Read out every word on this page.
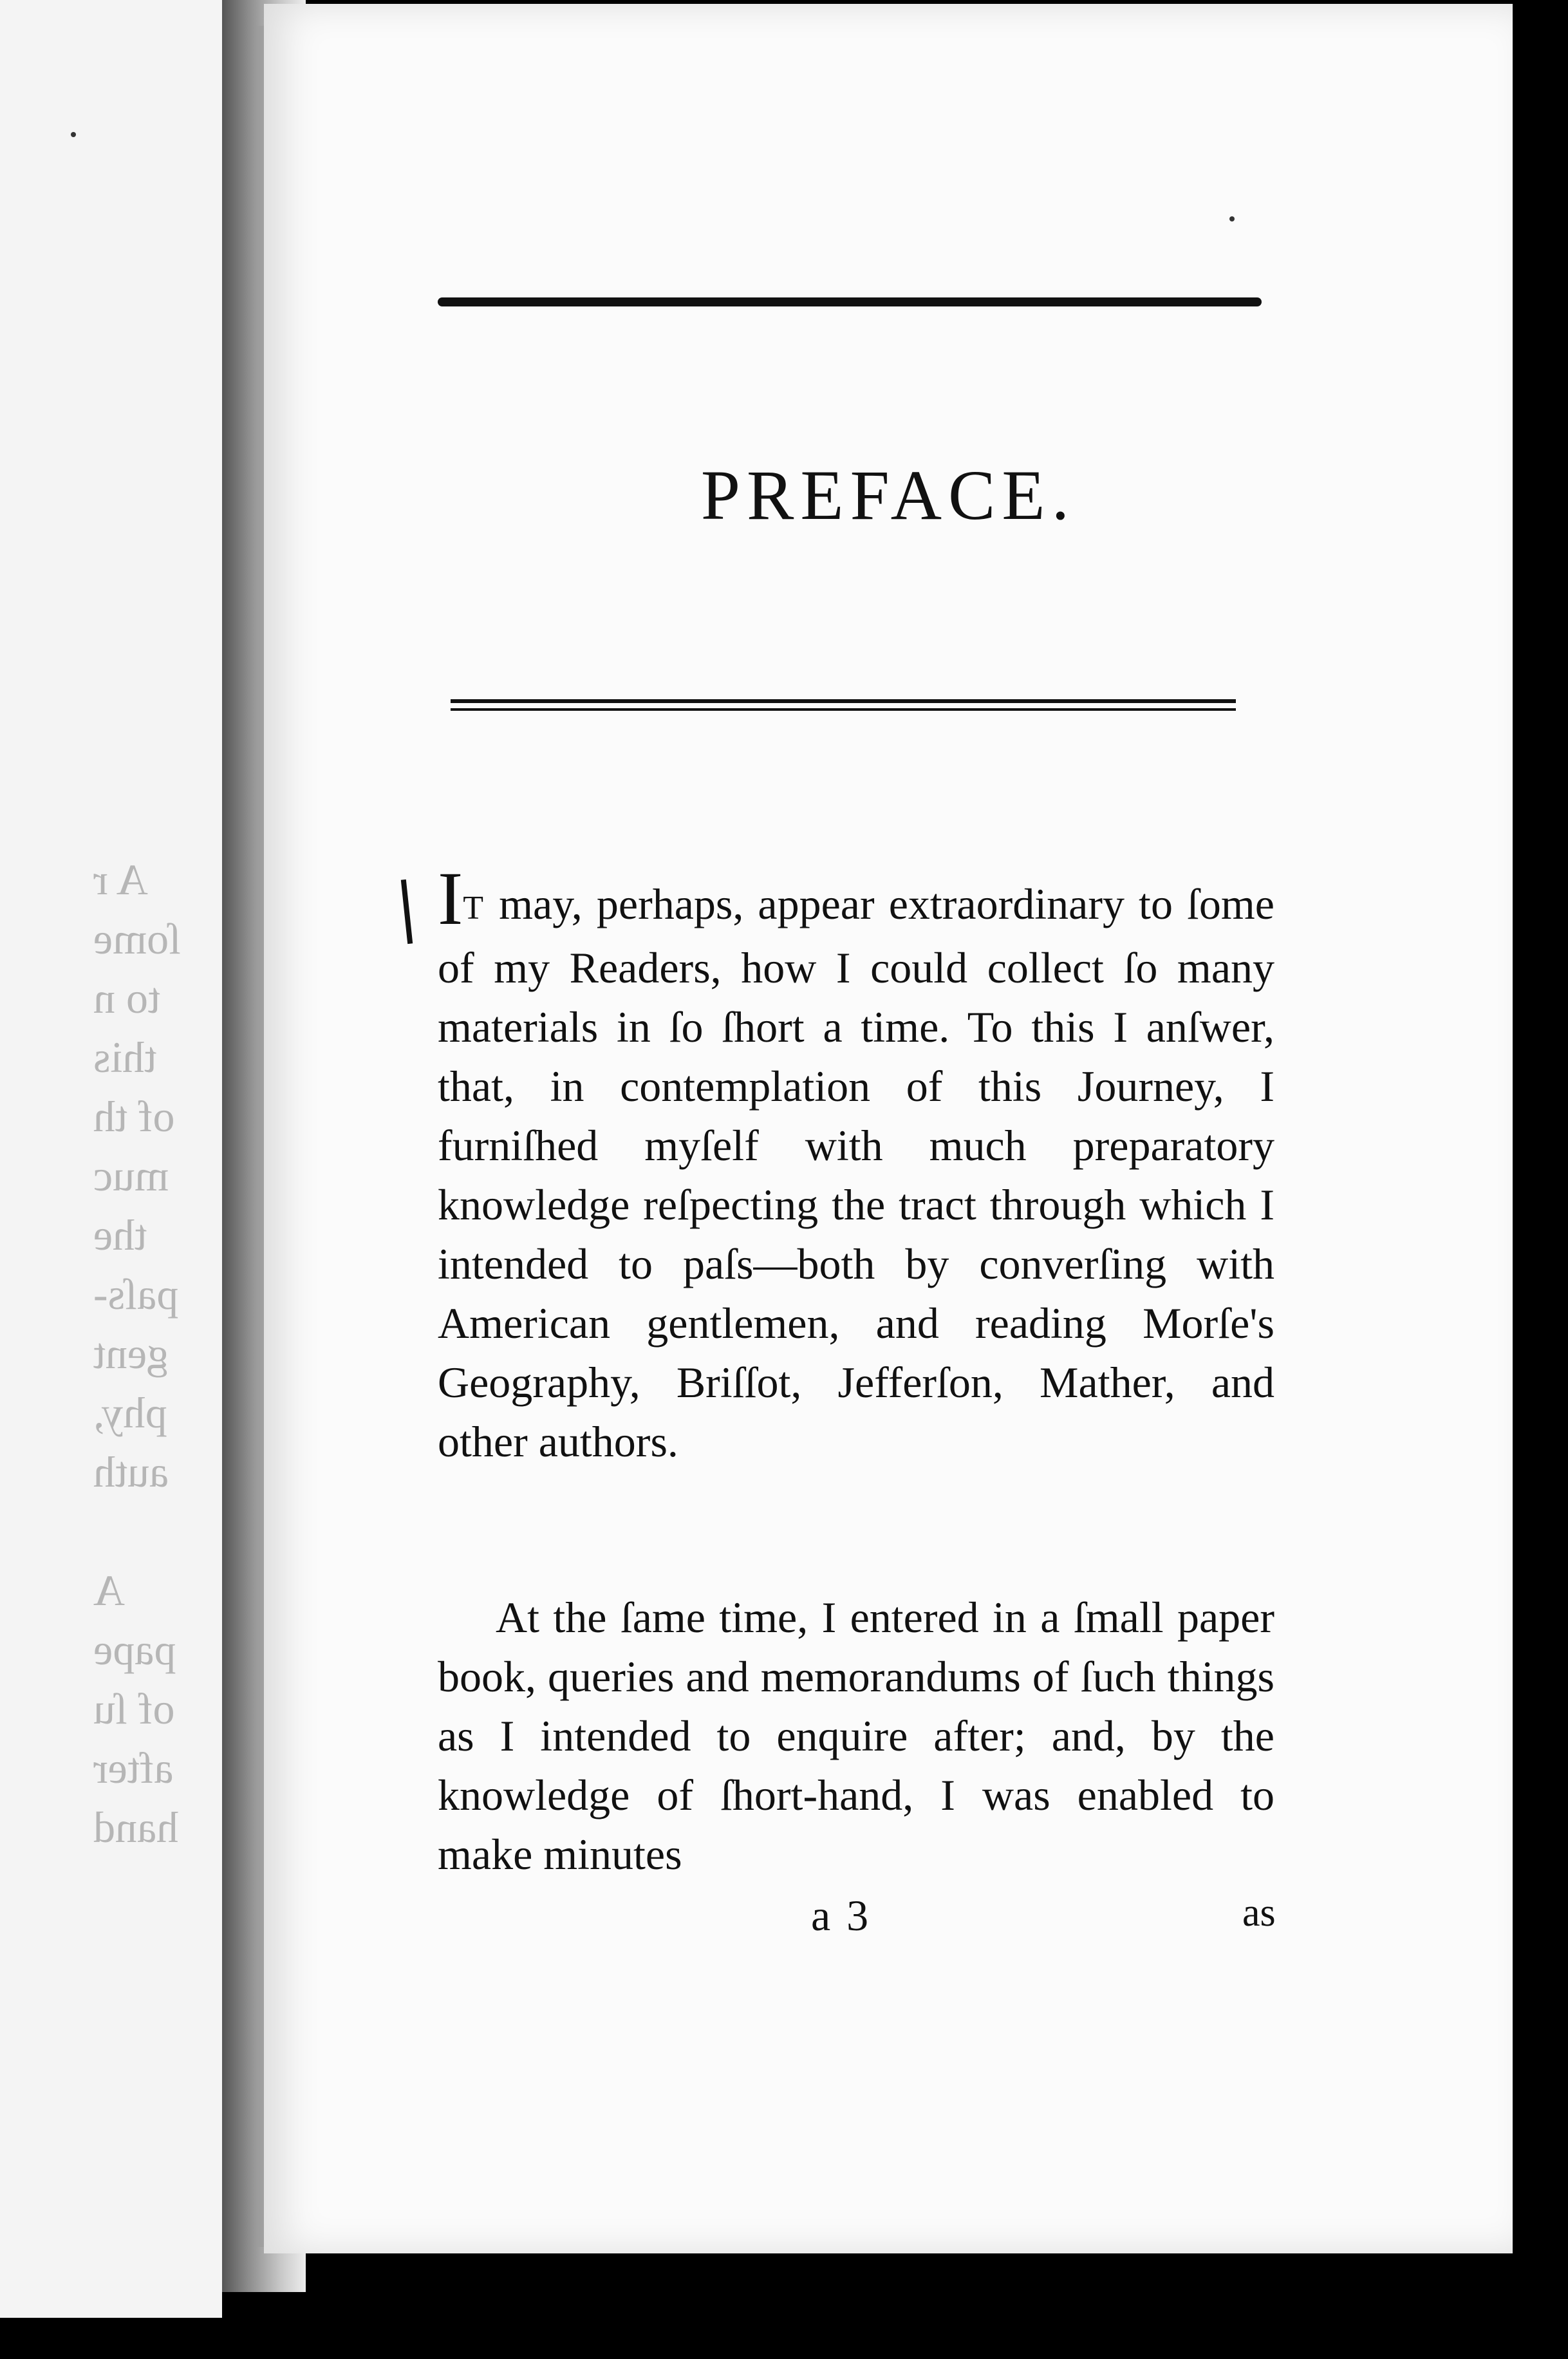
A r
ſome
to n
this
of th
muc
the
paſs-
gent
phy,
auth

A
pape
of ſu
after
hand
PREFACE.
IT may, perhaps, appear extraordinary to ſome of my Readers, how I could collect ſo many materials in ſo ſhort a time. To this I anſwer, that, in contemplation of this Journey, I furniſhed myſelf with much preparatory knowledge reſpecting the tract through which I intended to paſs—both by converſing with American gentlemen, and reading Morſe's Geography, Briſſot, Jefferſon, Mather, and other authors.
At the ſame time, I entered in a ſmall paper book, queries and memorandums of ſuch things as I intended to enquire after; and, by the knowledge of ſhort-hand, I was enabled to make minutes
a 3	as
